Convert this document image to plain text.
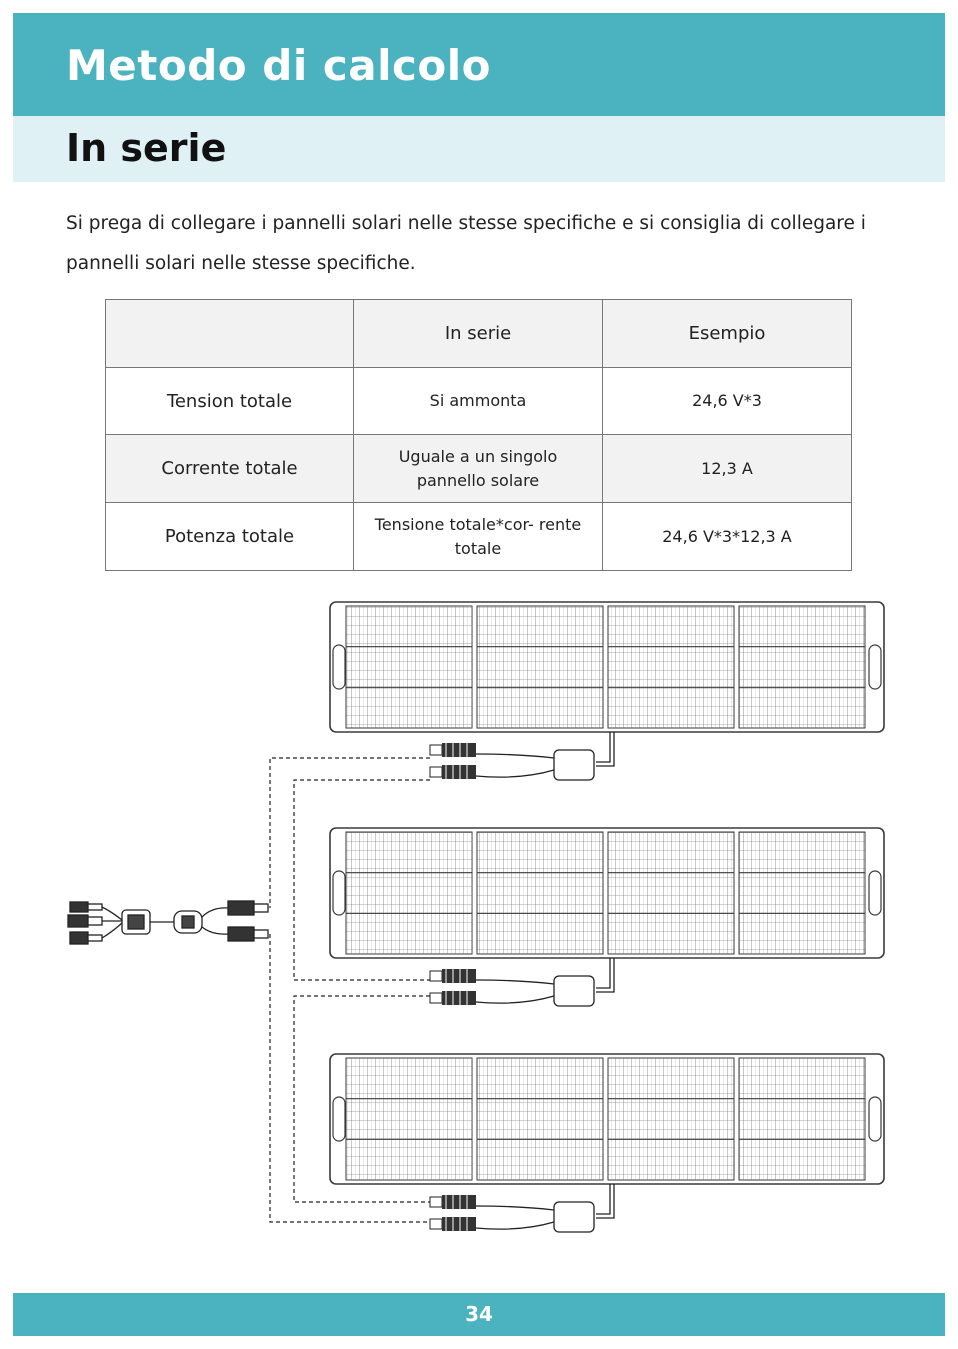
Metodo di calcolo
In serie

Si prega di collegare i pannelli solari nelle stesse specifiche e si consiglia di collegare i pannelli solari nelle stesse specifiche.

	In serie	Esempio
Tension totale	Si ammonta	24,6 V*3
Corrente totale	Uguale a un singolo pannello solare	12,3 A
Potenza totale	Tensione totale*cor- rente totale	24,6 V*3*12,3 A
34
